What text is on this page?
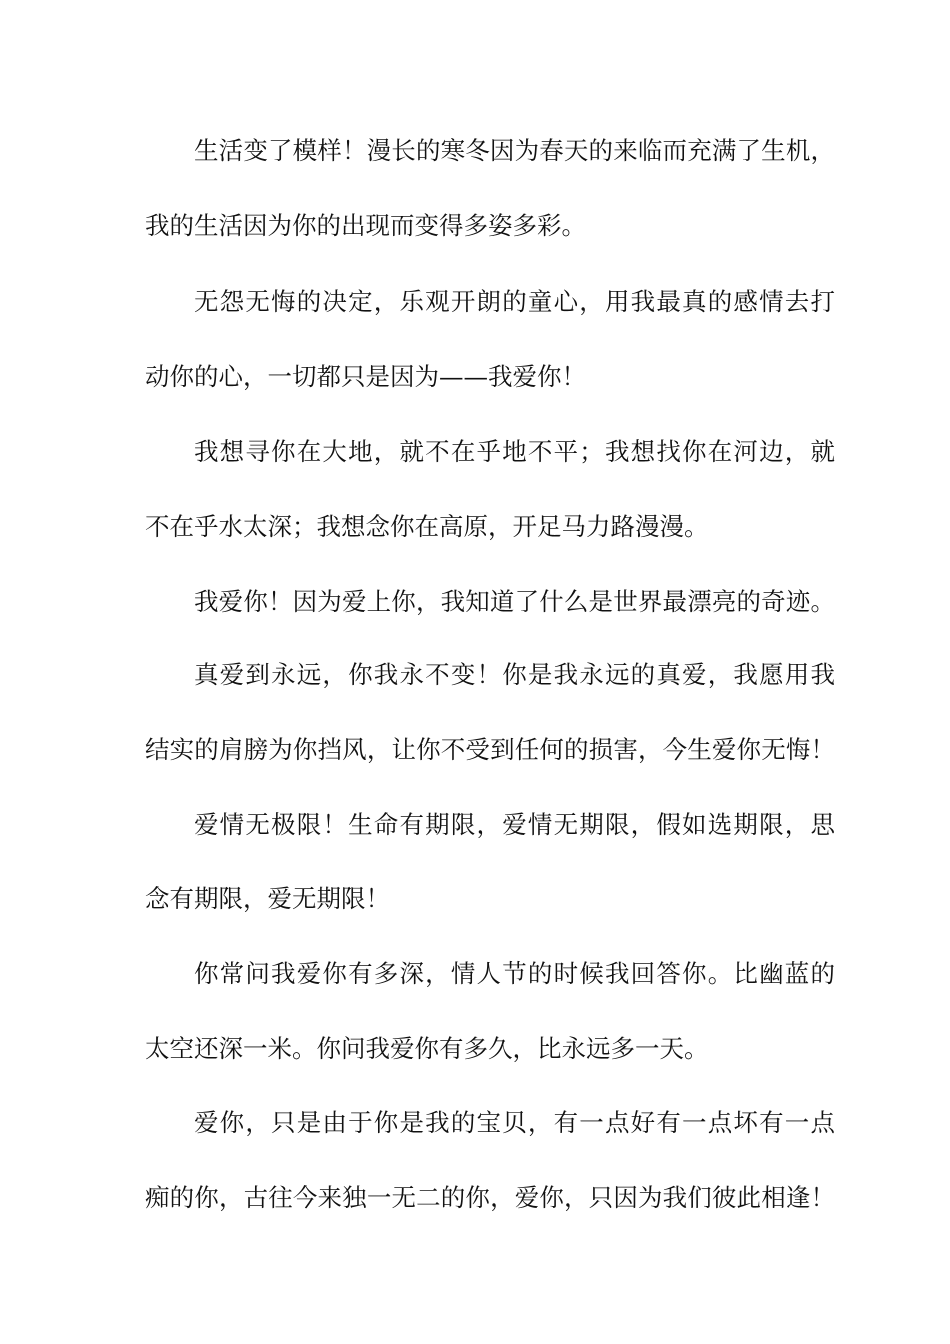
生活变了模样！漫长的寒冬因为春天的来临而充满了生机，
我的生活因为你的出现而变得多姿多彩。
无怨无悔的决定，乐观开朗的童心，用我最真的感情去打
动你的心，一切都只是因为——我爱你！
我想寻你在大地，就不在乎地不平；我想找你在河边，就
不在乎水太深；我想念你在高原，开足马力路漫漫。
我爱你！因为爱上你，我知道了什么是世界最漂亮的奇迹。
真爱到永远，你我永不变！你是我永远的真爱，我愿用我
结实的肩膀为你挡风，让你不受到任何的损害，今生爱你无悔！
爱情无极限！生命有期限，爱情无期限，假如选期限，思
念有期限，爱无期限！
你常问我爱你有多深，情人节的时候我回答你。比幽蓝的
太空还深一米。你问我爱你有多久，比永远多一天。
爱你，只是由于你是我的宝贝，有一点好有一点坏有一点
痴的你，古往今来独一无二的你，爱你，只因为我们彼此相逢！
